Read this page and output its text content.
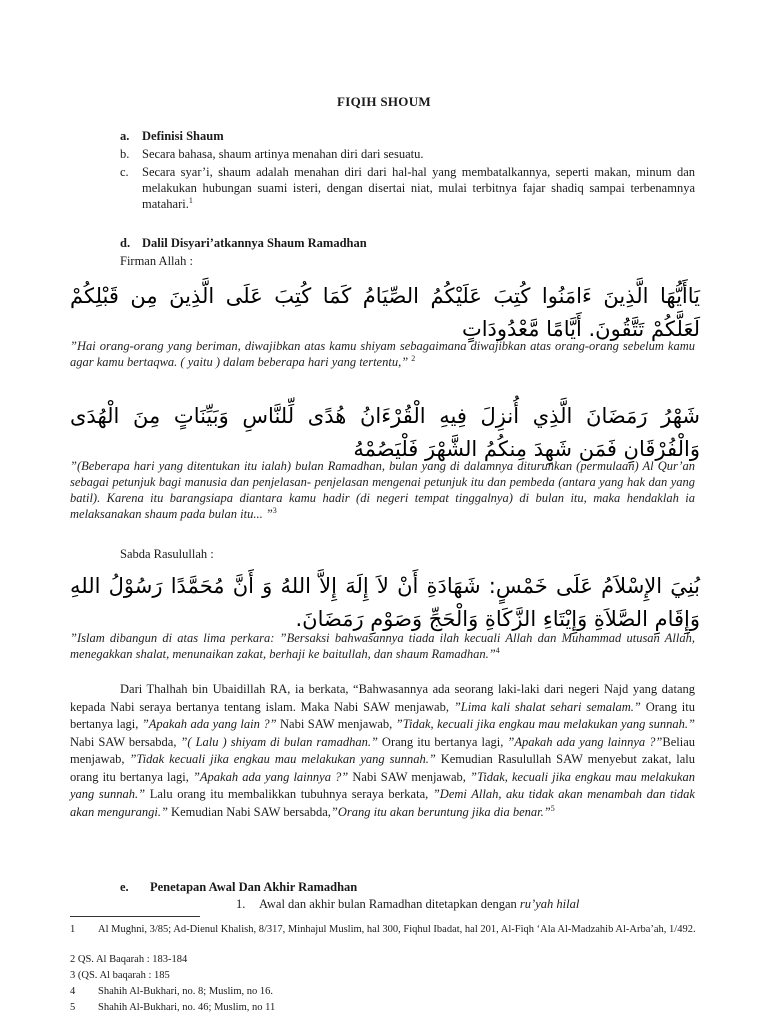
FIQIH SHOUM
a. Definisi Shaum
b. Secara bahasa, shaum artinya menahan diri dari sesuatu.
c. Secara syar’i, shaum adalah menahan diri dari hal-hal yang membatalkannya, seperti makan, minum dan melakukan hubungan suami isteri, dengan disertai niat, mulai terbitnya fajar shadiq sampai terbenamnya matahari.$^1$
d. Dalil Disyari’atkannya Shaum Ramadhan
Firman Allah :
يَاأَيُّهَا الَّذِينَ ءَامَنُوا كُتِبَ عَلَيْكُمُ الصِّيَامُ كَمَا كُتِبَ عَلَى الَّذِينَ مِن قَبْلِكُمْ لَعَلَّكُمْ تَتَّقُونَ. أَيَّامًا مَّعْدُودَاتٍ
”Hai orang-orang yang beriman, diwajibkan atas kamu shiyam sebagaimana diwajibkan atas orang-orang sebelum kamu agar kamu bertaqwa. ( yaitu ) dalam beberapa hari yang tertentu,” $^2$
شَهْرُ رَمَضَانَ الَّذِي أُنزِلَ فِيهِ الْقُرْءَانُ هُدًى لِّلنَّاسِ وَبَيِّنَاتٍ مِنَ الْهُدَى وَالْفُرْقَانِ فَمَن شَهِدَ مِنكُمُ الشَّهْرَ فَلْيَصُمْهُ
”(Beberapa hari yang ditentukan itu ialah) bulan Ramadhan, bulan yang di dalamnya diturunkan (permulaan) Al Qur’an sebagai petunjuk bagi manusia dan penjelasan- penjelasan mengenai petunjuk itu dan pembeda (antara yang hak dan yang batil). Karena itu barangsiapa diantara kamu hadir (di negeri tempat tinggalnya) di bulan itu, maka hendaklah ia melaksanakan shaum pada bulan itu... ”$^3$
Sabda Rasulullah :
بُنِيَ الإِسْلاَمُ عَلَى خَمْسٍ: شَهَادَةِ أَنْ لاَ إِلَهَ إِلاَّ اللهُ وَ أَنَّ مُحَمَّدًا رَسُوْلُ اللهِ وَإِقَامِ الصَّلاَةِ وَإِيْتَاءِ الزَّكَاةِ وَالْحَجِّ وَصَوْمِ رَمَضَانَ.
”Islam dibangun di atas lima perkara: ”Bersaksi bahwasannya tiada ilah kecuali Allah dan Muhammad utusan Allah, menegakkan shalat, menunaikan zakat, berhaji ke baitullah, dan shaum Ramadhan.”$^4$
Dari Thalhah bin Ubaidillah RA, ia berkata, “Bahwasannya ada seorang laki-laki dari negeri Najd yang datang kepada Nabi seraya bertanya tentang islam. Maka Nabi SAW menjawab, ”Lima kali shalat sehari semalam.” Orang itu bertanya lagi, ”Apakah ada yang lain ?” Nabi SAW menjawab, ”Tidak, kecuali jika engkau mau melakukan yang sunnah.” Nabi SAW bersabda, ”( Lalu ) shiyam di bulan ramadhan.” Orang itu bertanya lagi, ”Apakah ada yang lainnya ?”Beliau menjawab, ”Tidak kecuali jika engkau mau melakukan yang sunnah.” Kemudian Rasulullah SAW menyebut zakat, lalu orang itu bertanya lagi, ”Apakah ada yang lainnya ?” Nabi SAW menjawab, ”Tidak, kecuali jika engkau mau melakukan yang sunnah.” Lalu orang itu membalikkan tubuhnya seraya berkata, ”Demi Allah, aku tidak akan menambah dan tidak akan mengurangi.” Kemudian Nabi SAW bersabda,”Orang itu akan beruntung jika dia benar.”$^5$
e. Penetapan Awal Dan Akhir Ramadhan
1. Awal dan akhir bulan Ramadhan ditetapkan dengan ru’yah hilal
1 Al Mughni, 3/85; Ad-Dienul Khalish, 8/317, Minhajul Muslim, hal 300, Fiqhul Ibadat, hal 201, Al-Fiqh ‘Ala Al-Madzahib Al-Arba’ah, 1/492.
2 QS. Al Baqarah : 183-184
3 (QS. Al baqarah : 185
4 Shahih Al-Bukhari, no. 8; Muslim, no 16.
5 Shahih Al-Bukhari, no. 46; Muslim, no 11
